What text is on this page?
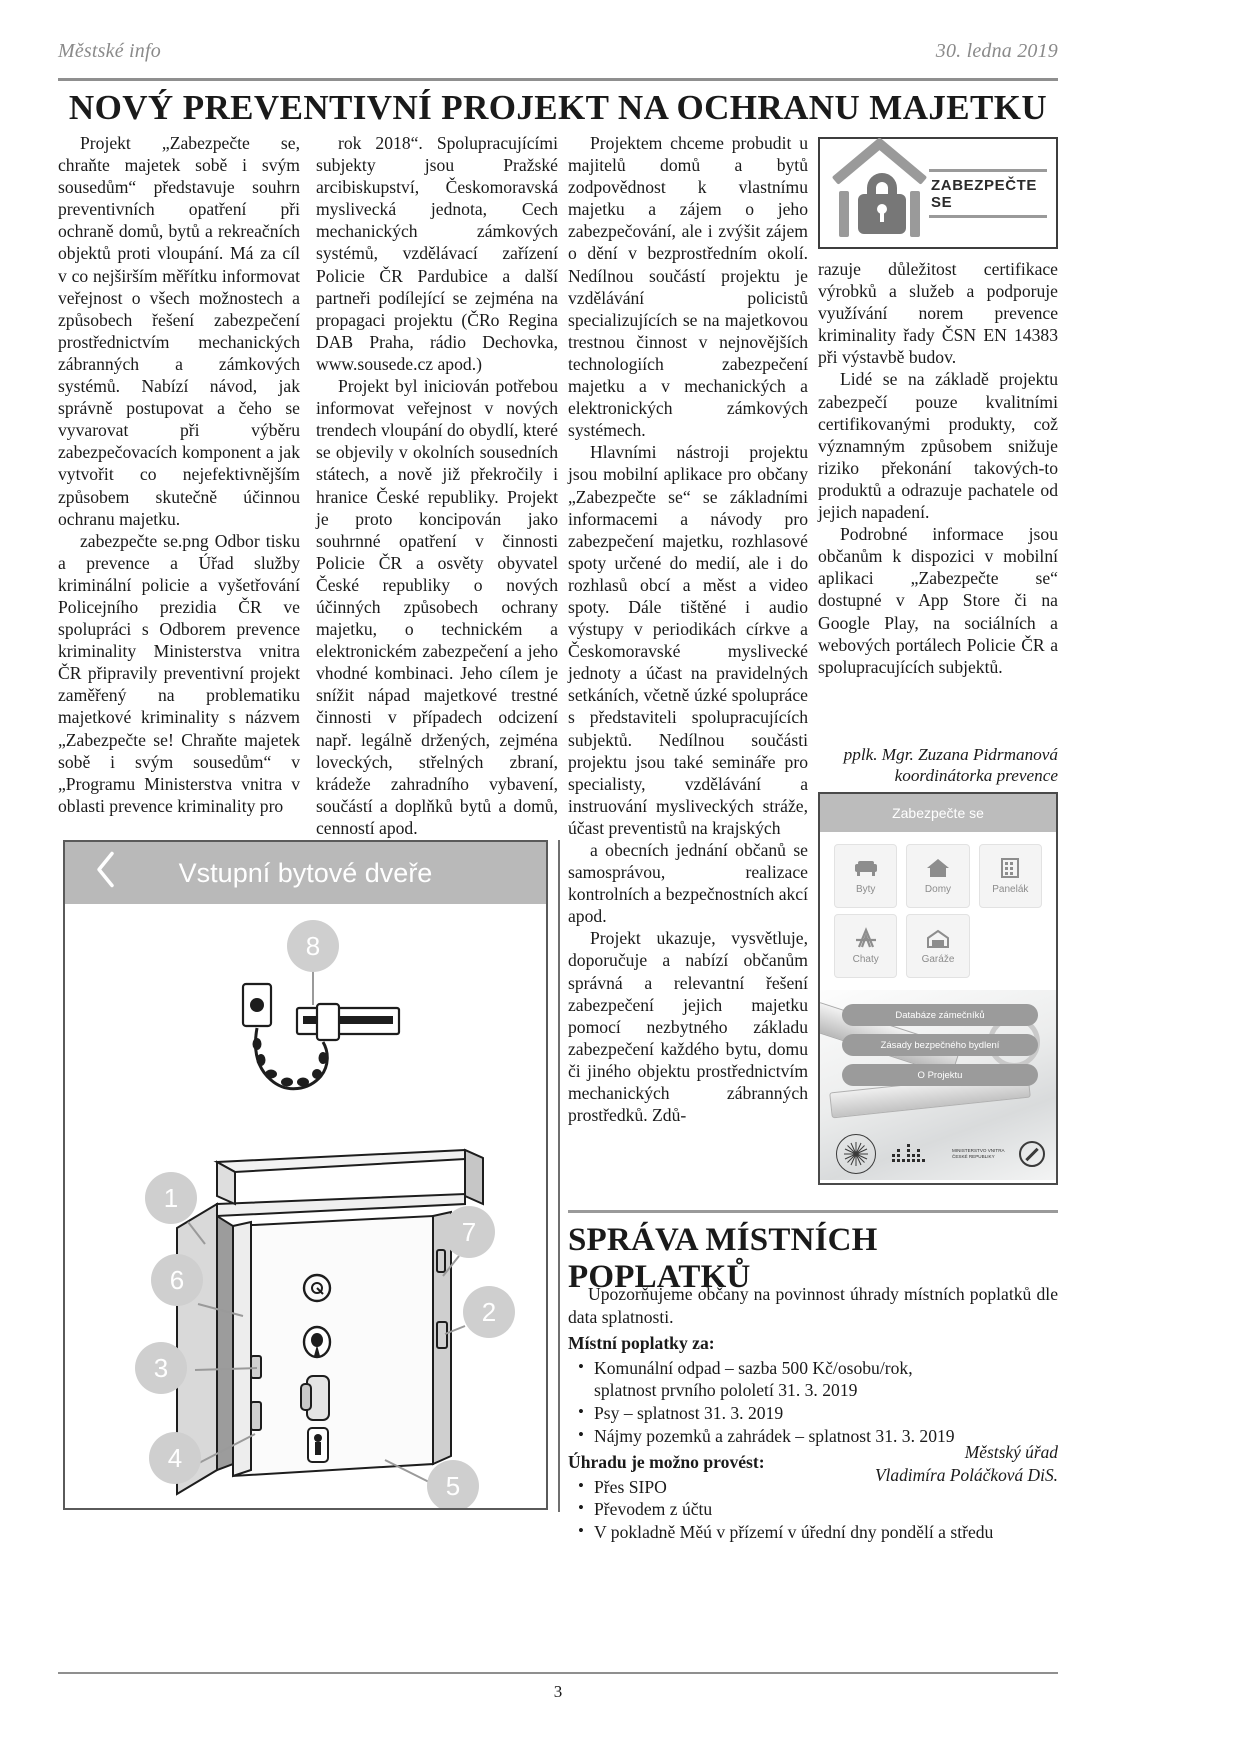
Městské info	30. ledna 2019
NOVÝ PREVENTIVNÍ PROJEKT NA OCHRANU MAJETKU

Projekt „Zabezpečte se, chraňte majetek sobě i svým sousedům“ představuje souhrn preventivních opatření při ochraně domů, bytů a rekreačních objektů proti vloupání. Má za cíl v co nejširším měřítku informovat veřejnost o všech možnostech a způsobech řešení zabezpečení prostřednictvím mechanických zábranných a zámkových systémů. Nabízí návod, jak správně postupovat a čeho se vyvarovat při výběru zabezpečovacích komponent a jak vytvořit co nejefektivnějším způsobem skutečně účinnou ochranu majetku.

zabezpečte se.png Odbor tisku a prevence a Úřad služby kriminální policie a vyšetřování Policejního prezidia ČR ve spolupráci s Odborem prevence kriminality Ministerstva vnitra ČR připravily preventivní projekt zaměřený na problematiku majetkové kriminality s názvem „Zabezpečte se! Chraňte majetek sobě i svým sousedům“ v „Programu Ministerstva vnitra v oblasti prevence kriminality pro

rok 2018“. Spolupracujícími subjekty jsou Pražské arcibiskupství, Českomoravská myslivecká jednota, Cech mechanických zámkových systémů, vzdělávací zařízení Policie ČR Pardubice a další partneři podílející se zejména na propagaci projektu (ČRo Regina DAB Praha, rádio Dechovka, www.sousede.cz apod.)

Projekt byl iniciován potřebou informovat veřejnost v nových trendech vloupání do obydlí, které se objevily v okolních sousedních státech, a nově již překročily i hranice České republiky. Projekt je proto koncipován jako souhrnné opatření v činnosti Policie ČR a osvěty obyvatel České republiky o nových účinných způsobech ochrany majetku, o technickém a elektronickém zabezpečení a jeho vhodné kombinaci. Jeho cílem je snížit nápad majetkové trestné činnosti v případech odcizení např. legálně držených, zejména loveckých, střelných zbraní, krádeže zahradního vybavení, součástí a doplňků bytů a domů, cenností apod.

Projektem chceme probudit u majitelů domů a bytů zodpovědnost k vlastnímu majetku a zájem o jeho zabezpečování, ale i zvýšit zájem o dění v bezprostředním okolí. Nedílnou součástí projektu je vzdělávání policistů specializujících se na majetkovou trestnou činnost v nejnovějších technologiích zabezpečení majetku a v mechanických a elektronických zámkových systémech.

Hlavními nástroji projektu jsou mobilní aplikace pro občany „Zabezpečte se“ se základními informacemi a návody pro zabezpečení majetku, rozhlasové spoty určené do medií, ale i do rozhlasů obcí a měst a video spoty. Dále tištěné i audio výstupy v periodikách církve a Českomoravské myslivecké jednoty a účast na pravidelných setkáních, včetně úzké spolupráce s představiteli spolupracujících subjektů. Nedílnou součásti projektu jsou také semináře pro specialisty, vzdělávání a instruování mysliveckých stráže, účast preventistů na krajských

a obecních jednání občanů se samosprávou, realizace kontrolních a bezpečnostních akcí apod.

Projekt ukazuje, vysvětluje, doporučuje a nabízí občanům správná a relevantní řešení zabezpečení jejich majetku pomocí nezbytného základu zabezpečení každého bytu, domu či jiného objektu prostřednictvím mechanických zábranných prostředků. Zdů-

ZABEZPEČTE SE

razuje důležitost certifikace výrobků a služeb a podporuje využívání norem prevence kriminality řady ČSN EN 14383 při výstavbě budov.

Lidé se na základě projektu zabezpečí pouze kvalitními certifikovanými produkty, což významným způsobem snižuje riziko překonání takových-to produktů a odrazuje pachatele od jejich napadení.

Podrobné informace jsou občanům k dispozici v mobilní aplikaci „Zabezpečte se“ dostupné v App Store či na Google Play, na sociálních a webových portálech Policie ČR a spolupracujících subjektů.

pplk. Mgr. Zuzana Pidrmanová
koordinátorka prevence
Zabezpečte se
Byty	Domy	Panelák
Chaty	Garáže
Databáze zámečníků
Zásady bezpečného bydlení
O Projektu
MINISTERSTVO VNITRA
ČESKÉ REPUBLIKY
Vstupní bytové dveře
8
1
7
2
6
3
4
5
SPRÁVA MÍSTNÍCH POPLATKŮ

Upozorňujeme občany na povinnost úhrady místních poplatků dle data splatnosti.

Místní poplatky za:
• Komunální odpad – sazba 500 Kč/osobu/rok,
splatnost prvního pololetí 31. 3. 2019
• Psy – splatnost 31. 3. 2019
• Nájmy pozemků a zahrádek – splatnost 31. 3. 2019
Úhradu je možno provést:
• Přes SIPO
• Převodem z účtu
• V pokladně Měú v přízemí v úřední dny pondělí a středu
Městský úřad
Vladimíra Poláčková DiS.
3
